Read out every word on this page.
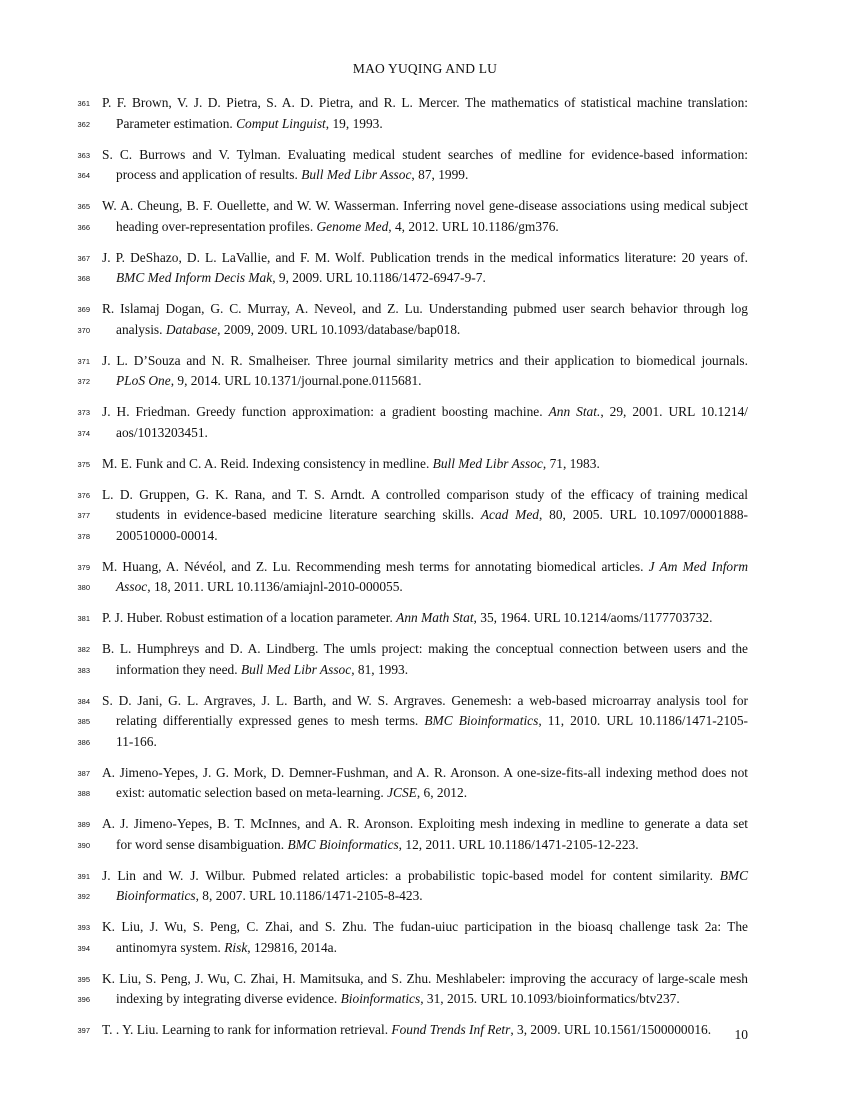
MAO YUQING AND LU
361 P. F. Brown, V. J. D. Pietra, S. A. D. Pietra, and R. L. Mercer. The mathematics of statistical machine translation:
362 Parameter estimation. Comput Linguist, 19, 1993.
363 S. C. Burrows and V. Tylman. Evaluating medical student searches of medline for evidence-based information:
364 process and application of results. Bull Med Libr Assoc, 87, 1999.
365 W. A. Cheung, B. F. Ouellette, and W. W. Wasserman. Inferring novel gene-disease associations using medical subject
366 heading over-representation profiles. Genome Med, 4, 2012. URL 10.1186/gm376.
367 J. P. DeShazo, D. L. LaVallie, and F. M. Wolf. Publication trends in the medical informatics literature: 20 years of.
368 BMC Med Inform Decis Mak, 9, 2009. URL 10.1186/1472-6947-9-7.
369 R. Islamaj Dogan, G. C. Murray, A. Neveol, and Z. Lu. Understanding pubmed user search behavior through log
370 analysis. Database, 2009, 2009. URL 10.1093/database/bap018.
371 J. L. D’Souza and N. R. Smalheiser. Three journal similarity metrics and their application to biomedical journals.
372 PLoS One, 9, 2014. URL 10.1371/journal.pone.0115681.
373 J. H. Friedman. Greedy function approximation: a gradient boosting machine. Ann Stat., 29, 2001. URL 10.1214/
374 aos/1013203451.
375 M. E. Funk and C. A. Reid. Indexing consistency in medline. Bull Med Libr Assoc, 71, 1983.
376 L. D. Gruppen, G. K. Rana, and T. S. Arndt. A controlled comparison study of the efficacy of training medical
377 students in evidence-based medicine literature searching skills. Acad Med, 80, 2005. URL 10.1097/00001888-
378 200510000-00014.
379 M. Huang, A. Névéol, and Z. Lu. Recommending mesh terms for annotating biomedical articles. J Am Med Inform
380 Assoc, 18, 2011. URL 10.1136/amiajnl-2010-000055.
381 P. J. Huber. Robust estimation of a location parameter. Ann Math Stat, 35, 1964. URL 10.1214/aoms/1177703732.
382 B. L. Humphreys and D. A. Lindberg. The umls project: making the conceptual connection between users and the
383 information they need. Bull Med Libr Assoc, 81, 1993.
384 S. D. Jani, G. L. Argraves, J. L. Barth, and W. S. Argraves. Genemesh: a web-based microarray analysis tool for
385 relating differentially expressed genes to mesh terms. BMC Bioinformatics, 11, 2010. URL 10.1186/1471-2105-
386 11-166.
387 A. Jimeno-Yepes, J. G. Mork, D. Demner-Fushman, and A. R. Aronson. A one-size-fits-all indexing method does not
388 exist: automatic selection based on meta-learning. JCSE, 6, 2012.
389 A. J. Jimeno-Yepes, B. T. McInnes, and A. R. Aronson. Exploiting mesh indexing in medline to generate a data set
390 for word sense disambiguation. BMC Bioinformatics, 12, 2011. URL 10.1186/1471-2105-12-223.
391 J. Lin and W. J. Wilbur. Pubmed related articles: a probabilistic topic-based model for content similarity. BMC
392 Bioinformatics, 8, 2007. URL 10.1186/1471-2105-8-423.
393 K. Liu, J. Wu, S. Peng, C. Zhai, and S. Zhu. The fudan-uiuc participation in the bioasq challenge task 2a: The
394 antinomyra system. Risk, 129816, 2014a.
395 K. Liu, S. Peng, J. Wu, C. Zhai, H. Mamitsuka, and S. Zhu. Meshlabeler: improving the accuracy of large-scale mesh
396 indexing by integrating diverse evidence. Bioinformatics, 31, 2015. URL 10.1093/bioinformatics/btv237.
397 T. . Y. Liu. Learning to rank for information retrieval. Found Trends Inf Retr, 3, 2009. URL 10.1561/1500000016.	10
